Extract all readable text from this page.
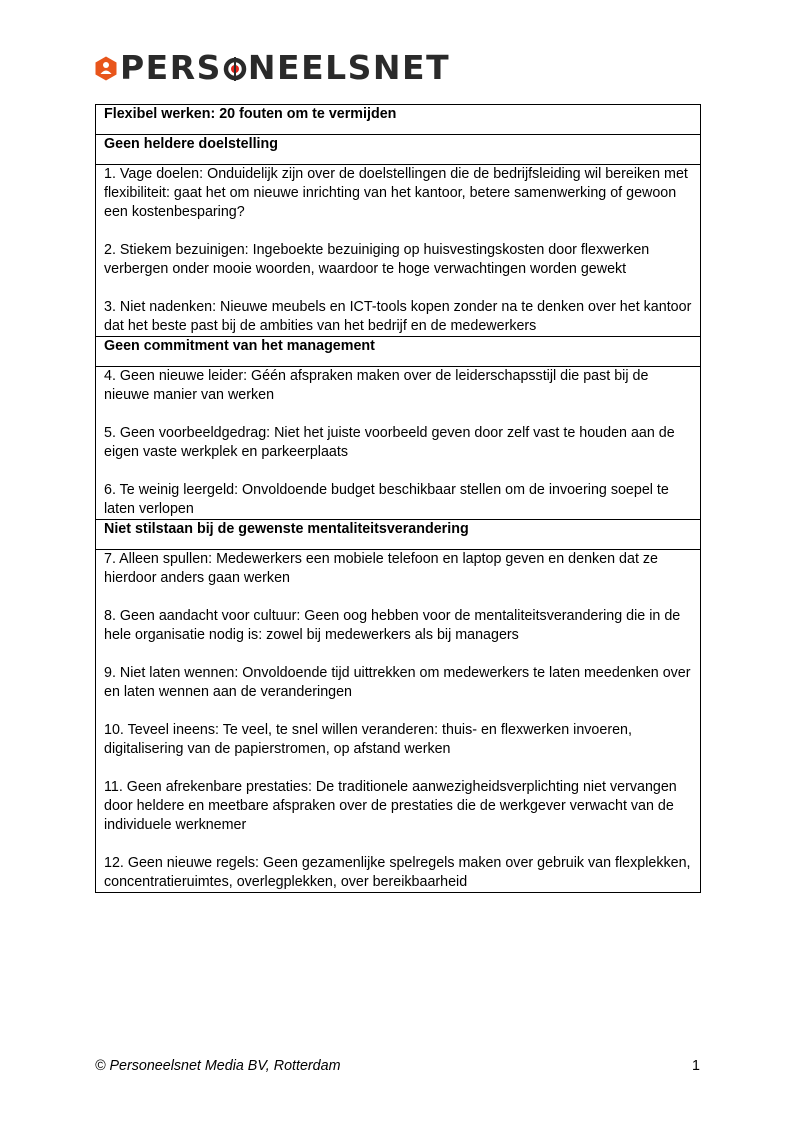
PERS NEELSNET
Flexibel werken: 20 fouten om te vermijden

Geen heldere doelstelling

1. Vage doelen: Onduidelijk zijn over de doelstellingen die de bedrijfsleiding wil bereiken met flexibiliteit: gaat het om nieuwe inrichting van het kantoor, betere samenwerking of gewoon een kostenbesparing?

2. Stiekem bezuinigen: Ingeboekte bezuiniging op huisvestingskosten door flexwerken verbergen onder mooie woorden, waardoor te hoge verwachtingen worden gewekt

3. Niet nadenken: Nieuwe meubels en ICT-tools kopen zonder na te denken over het kantoor dat het beste past bij de ambities van het bedrijf en de medewerkers

Geen commitment van het management

4. Geen nieuwe leider: Géén afspraken maken over de leiderschapsstijl die past bij de nieuwe manier van werken

5. Geen voorbeeldgedrag: Niet het juiste voorbeeld geven door zelf vast te houden aan de eigen vaste werkplek en parkeerplaats

6. Te weinig leergeld: Onvoldoende budget beschikbaar stellen om de invoering soepel te laten verlopen

Niet stilstaan bij de gewenste mentaliteitsverandering

7. Alleen spullen: Medewerkers een mobiele telefoon en laptop geven en denken dat ze hierdoor anders gaan werken

8. Geen aandacht voor cultuur: Geen oog hebben voor de mentaliteitsverandering die in de hele organisatie nodig is: zowel bij medewerkers als bij managers

9. Niet laten wennen: Onvoldoende tijd uittrekken om medewerkers te laten meedenken over en laten wennen aan de veranderingen

10. Teveel ineens: Te veel, te snel willen veranderen: thuis- en flexwerken invoeren, digitalisering van de papierstromen, op afstand werken

11. Geen afrekenbare prestaties: De traditionele aanwezigheidsverplichting niet vervangen door heldere en meetbare afspraken over de prestaties die de werkgever verwacht van de individuele werknemer

12. Geen nieuwe regels: Geen gezamenlijke spelregels maken over gebruik van flexplekken, concentratieruimtes, overlegplekken, over bereikbaarheid

© Personeelsnet Media BV, Rotterdam	1
